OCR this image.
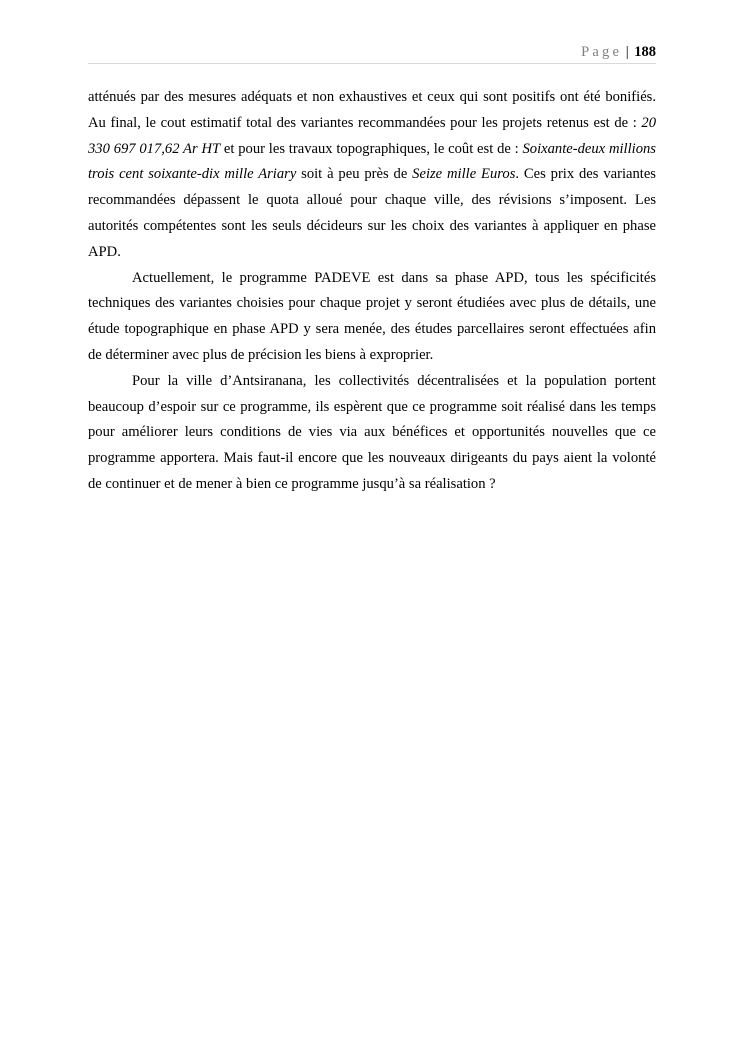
Page | 188

atténués par des mesures adéquats et non exhaustives et ceux qui sont positifs ont été bonifiés. Au final, le cout estimatif total des variantes recommandées pour les projets retenus est de : 20 330 697 017,62 Ar HT et pour les travaux topographiques, le coût est de : Soixante-deux millions trois cent soixante-dix mille Ariary soit à peu près de Seize mille Euros. Ces prix des variantes recommandées dépassent le quota alloué pour chaque ville, des révisions s’imposent. Les autorités compétentes sont les seuls décideurs sur les choix des variantes à appliquer en phase APD.

Actuellement, le programme PADEVE est dans sa phase APD, tous les spécificités techniques des variantes choisies pour chaque projet y seront étudiées avec plus de détails, une étude topographique en phase APD y sera menée, des études parcellaires seront effectuées afin de déterminer avec plus de précision les biens à exproprier.

Pour la ville d’Antsiranana, les collectivités décentralisées et la population portent beaucoup d’espoir sur ce programme, ils espèrent que ce programme soit réalisé dans les temps pour améliorer leurs conditions de vies via aux bénéfices et opportunités nouvelles que ce programme apportera. Mais faut-il encore que les nouveaux dirigeants du pays aient la volonté de continuer et de mener à bien ce programme jusqu’à sa réalisation ?
